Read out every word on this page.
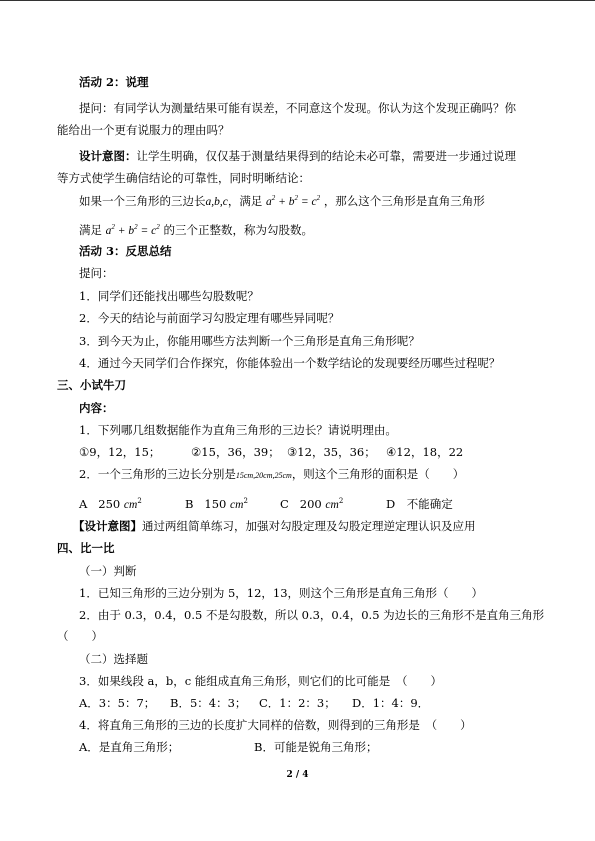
活动 2：说理
提问：有同学认为测量结果可能有误差，不同意这个发现。你认为这个发现正确吗？你
能给出一个更有说服力的理由吗？
设计意图：让学生明确，仅仅基于测量结果得到的结论未必可靠，需要进一步通过说理
等方式使学生确信结论的可靠性，同时明晰结论：
如果一个三角形的三边长a,b,c，满足 $a^2 + b^2 = c^2$ ，那么这个三角形是直角三角形
满足 $a^2 + b^2 = c^2$ 的三个正整数，称为勾股数。
活动 3：反思总结
提问：
1．同学们还能找出哪些勾股数呢？
2．今天的结论与前面学习勾股定理有哪些异同呢？
3．到今天为止，你能用哪些方法判断一个三角形是直角三角形呢？
4．通过今天同学们合作探究，你能体验出一个数学结论的发现要经历哪些过程呢？
三、小试牛刀
内容：
1．下列哪几组数据能作为直角三角形的三边长？请说明理由。
①9，12，15；	②15，36，39； ③12，35，36； ④12，18，22
2．一个三角形的三边长分别是15cm,20cm,25cm，则这个三角形的面积是（　　）
A 250 $cm^2$	B 150 $cm^2$	C 200 $cm^2$	D　不能确定
【设计意图】通过两组简单练习，加强对勾股定理及勾股定理逆定理认识及应用
四、比一比
（一）判断
1．已知三角形的三边分别为 5，12，13，则这个三角形是直角三角形（　　）
2．由于 0.3，0.4，0.5 不是勾股数，所以 0.3，0.4，0.5 为边长的三角形不是直角三角形
（　　）
（二）选择题
3．如果线段 a，b，c 能组成直角三角形，则它们的比可能是　（　　）
A．3：5：7； B．5：4：3； C．1：2：3； D．1：4：9．
4．将直角三角形的三边的长度扩大同样的倍数，则得到的三角形是　（　　）
A．是直角三角形；	B．可能是锐角三角形；
2 / 4
